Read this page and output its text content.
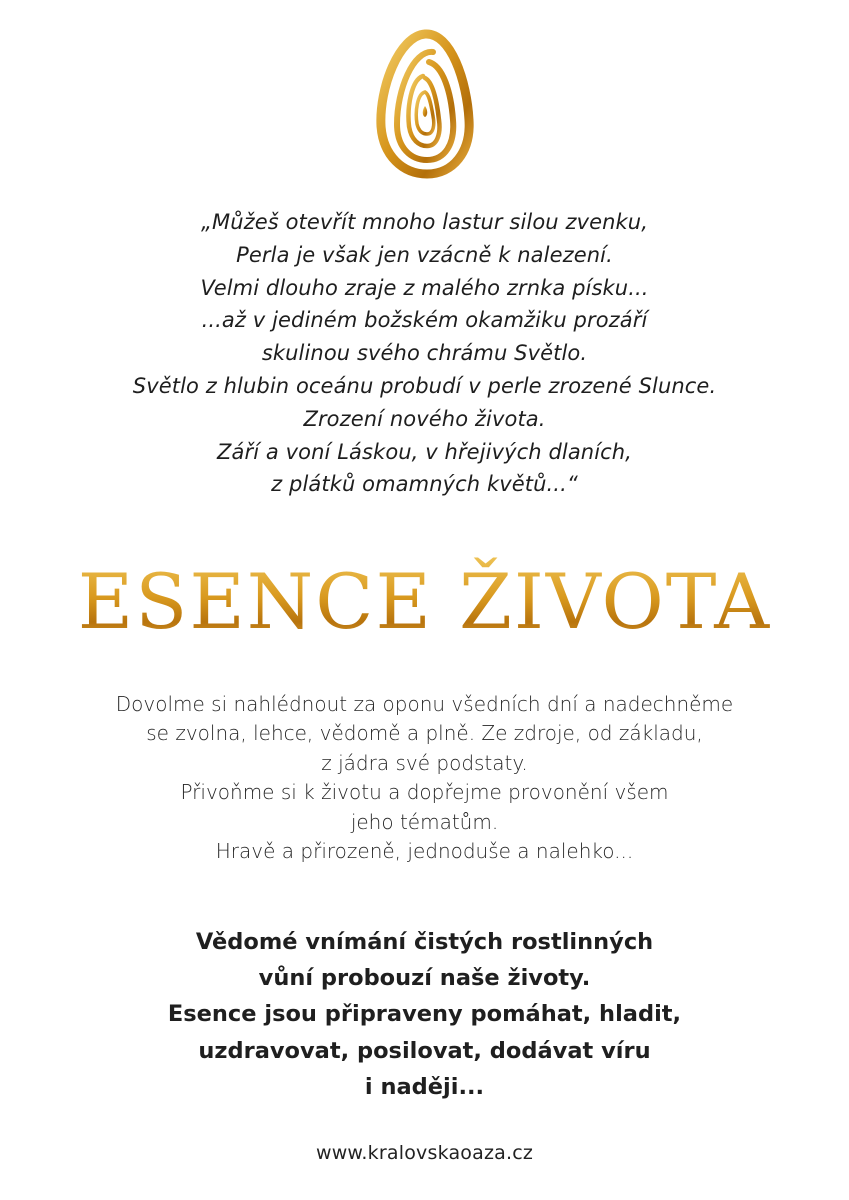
„Můžeš otevřít mnoho lastur silou zvenku,
Perla je však jen vzácně k nalezení.
Velmi dlouho zraje z malého zrnka písku...
...až v jediném božském okamžiku prozáří
skulinou svého chrámu Světlo.
Světlo z hlubin oceánu probudí v perle zrozené Slunce.
Zrození nového života.
Září a voní Láskou, v hřejivých dlaních,
z plátků omamných květů...“
ESENCE ŽIVOTA
Dovolme si nahlédnout za oponu všedních dní a nadechněme
se zvolna, lehce, vědomě a plně. Ze zdroje, od základu,
z jádra své podstaty.
Přivoňme si k životu a dopřejme provonění všem
jeho tématům.
Hravě a přirozeně, jednoduše a nalehko...
Vědomé vnímání čistých rostlinných
vůní probouzí naše životy.
Esence jsou připraveny pomáhat, hladit,
uzdravovat, posilovat, dodávat víru
i naději...
www.kralovskaoaza.cz
